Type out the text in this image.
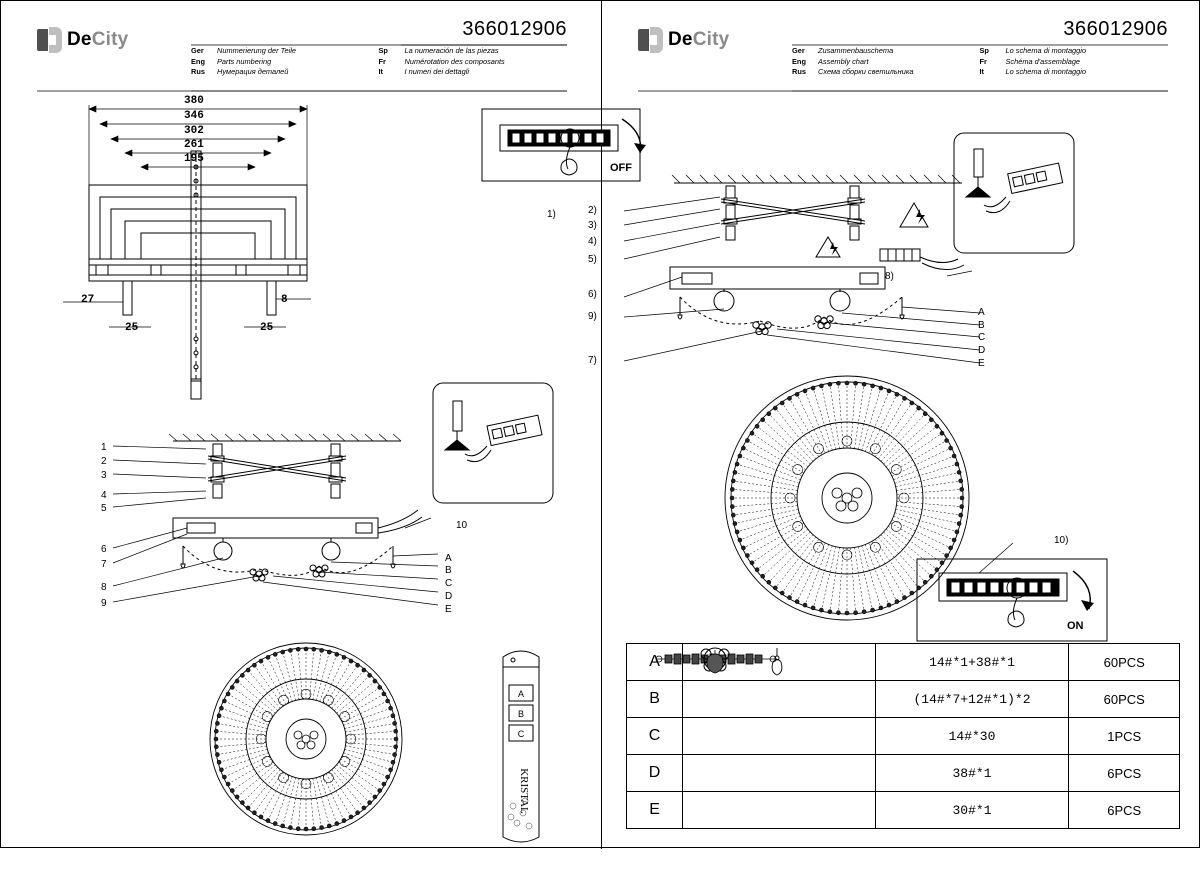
DeCity	366012906
Ger	Nummerierung der Teile	Sp	La numeración de las piezas
Eng	Parts numbering	Fr	Numérotation des composants
Rus	Нумерация деталей	It	I numeri dei dettagli
380
346
302
261
195
27	8
25	25
1
2
3
4
5
6
7
8
9
A
B
C
D
E
10
A
B
C
KRISTAL
DeCity	366012906
Ger	Zusammenbauschema	Sp	Lo schema di montaggio
Eng	Assembly chart	Fr	Schéma d'assemblage
Rus	Схема сборки светильника	It	Lo schema di montaggio
OFF
1)	2)
3)
4)
5)
6)
9)
7)
8)
A
B
C
D
E
ON
10)
A		14#*1+38#*1	60PCS
B		(14#*7+12#*1)*2	60PCS
C		14#*30	1PCS
D		38#*1	6PCS
E		30#*1	6PCS
